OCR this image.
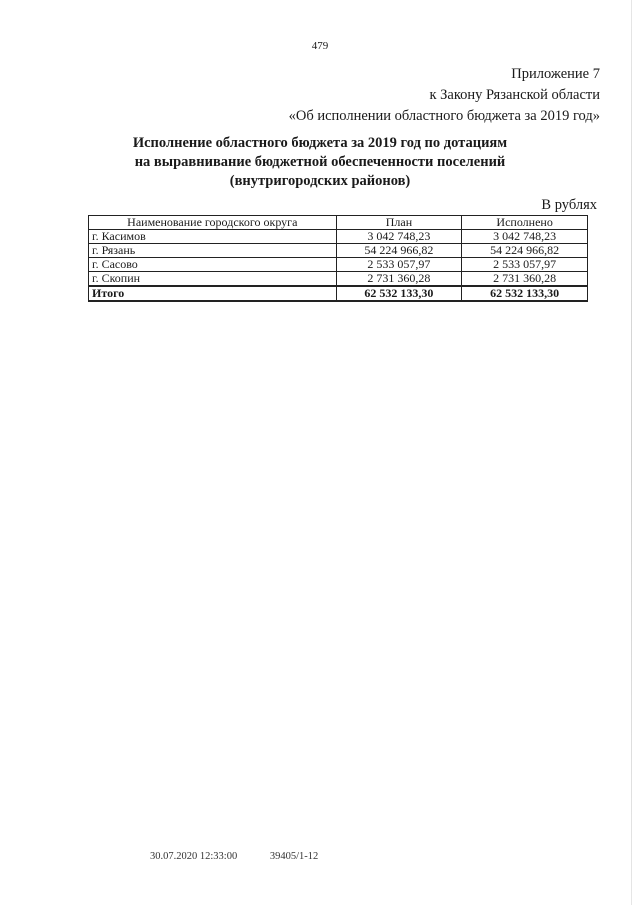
479
Приложение 7
к Закону Рязанской области
«Об исполнении областного бюджета за 2019 год»
Исполнение областного бюджета за 2019 год по дотациям
на выравнивание бюджетной обеспеченности поселений
(внутригородских районов)
В рублях
Наименование городского округа	План	Исполнено
г. Касимов	3 042 748,23	3 042 748,23
г. Рязань	54 224 966,82	54 224 966,82
г. Сасово	2 533 057,97	2 533 057,97
г. Скопин	2 731 360,28	2 731 360,28
Итого	62 532 133,30	62 532 133,30
30.07.2020 12:33:00	39405/1-12
